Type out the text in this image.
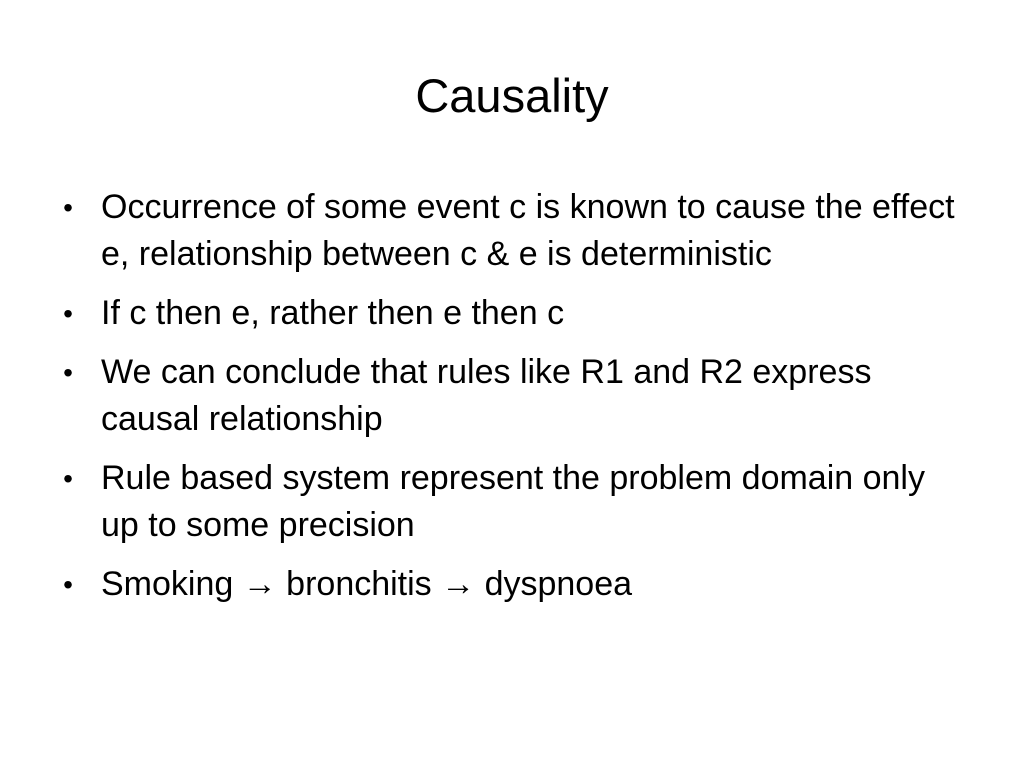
Causality
• Occurrence of some event c is known to cause the effect e, relationship between c & e is deterministic
• If c then e, rather then e then c
• We can conclude that rules like R1 and R2 express causal relationship
• Rule based system represent the problem domain only up to some precision
• Smoking → bronchitis → dyspnoea
